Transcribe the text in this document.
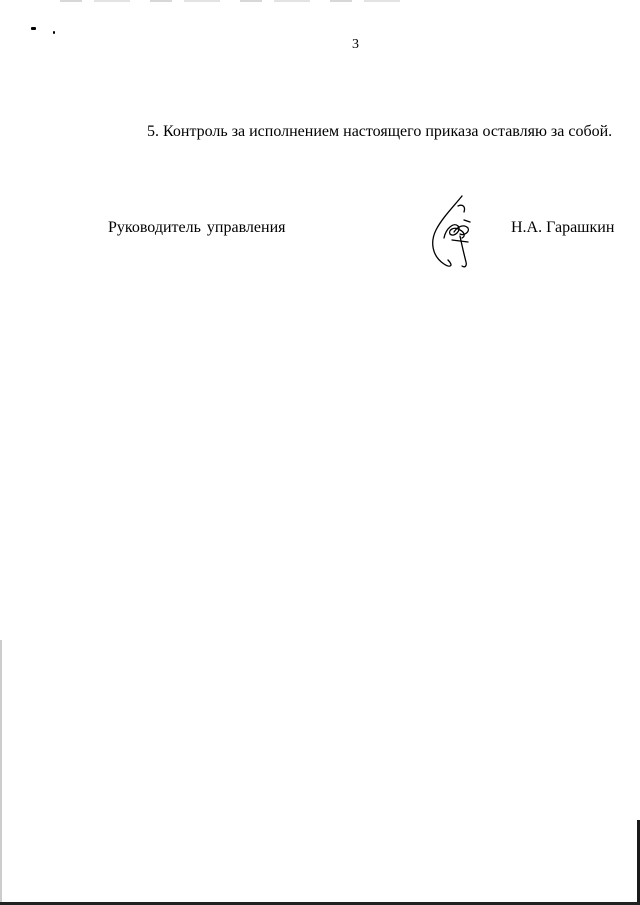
3
5. Контроль за исполнением настоящего приказа оставляю за собой.
Руководитель управления	Н.А. Гарашкин
